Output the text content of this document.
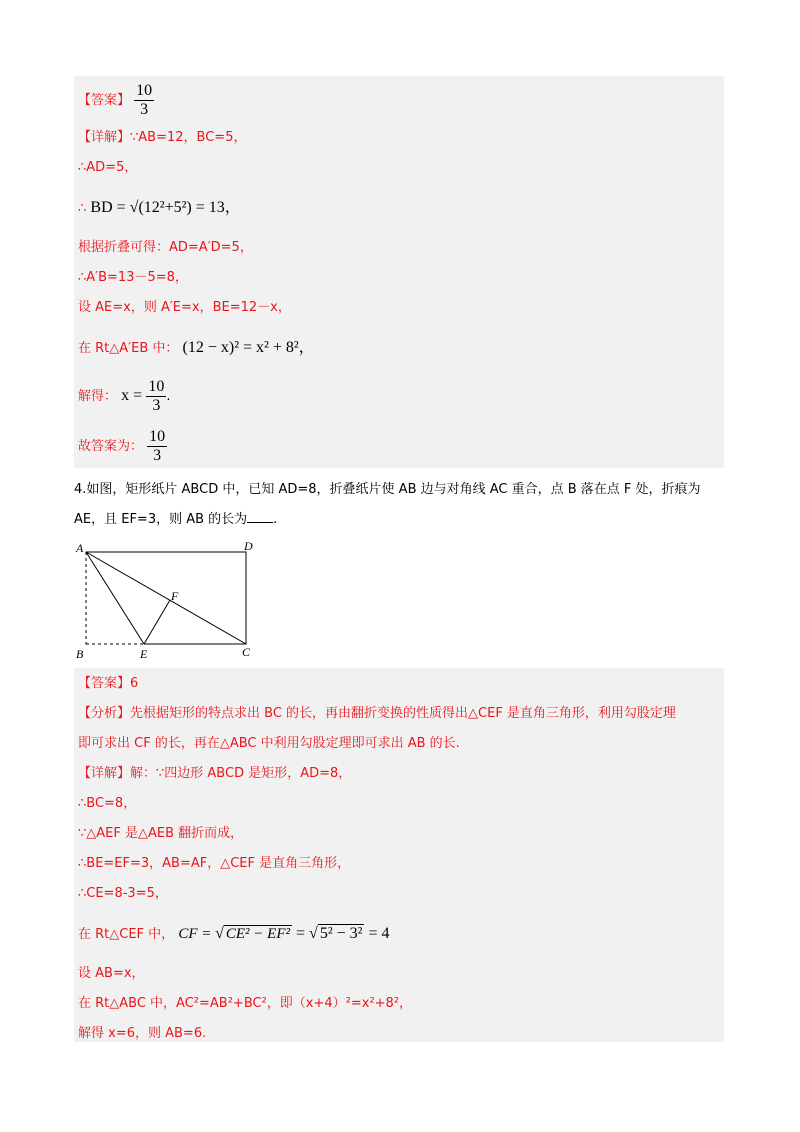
【答案】 $\frac{10}{3}$
【详解】∵AB=12，BC=5，
∴AD=5，
∴ BD = √(12²+5²) = 13，
根据折叠可得：AD=A′D=5，
∴A′B=13－5=8，
设 AE=x，则 A′E=x，BE=12－x，
在 Rt△A′EB 中： (12 − x)² = x² + 8²，
解得： $x = \frac{10}{3}$ .
故答案为： $\frac{10}{3}$
4.如图，矩形纸片 ABCD 中，已知 AD=8，折叠纸片使 AB 边与对角线 AC 重合，点 B 落在点 F 处，折痕为
AE，且 EF=3，则 AB 的长为 .
A	D
B	E	C
F
【答案】6
【分析】先根据矩形的特点求出 BC 的长，再由翻折变换的性质得出△CEF 是直角三角形，利用勾股定理
即可求出 CF 的长，再在△ABC 中利用勾股定理即可求出 AB 的长.
【详解】解：∵四边形 ABCD 是矩形，AD=8，
∴BC=8，
∵△AEF 是△AEB 翻折而成，
∴BE=EF=3，AB=AF，△CEF 是直角三角形，
∴CE=8-3=5，
在 Rt△CEF 中， CF = √ CE² − EF² = √ 5² − 3² = 4
设 AB=x，
在 Rt△ABC 中，AC²=AB²+BC²，即（x+4）²=x²+8²，
解得 x=6，则 AB=6.
